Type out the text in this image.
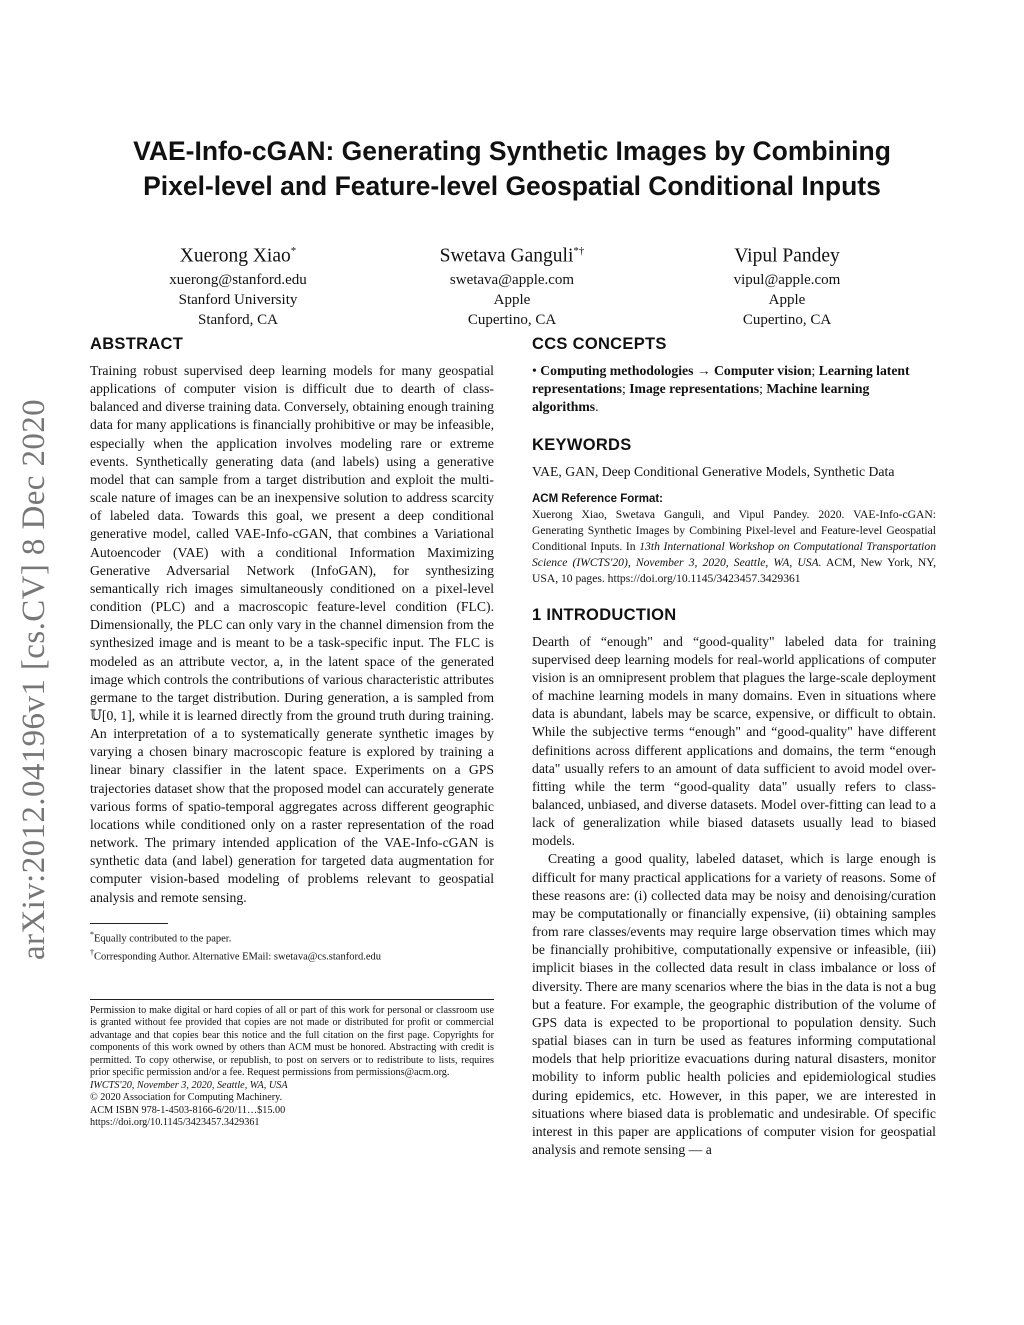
arXiv:2012.04196v1 [cs.CV] 8 Dec 2020
VAE-Info-cGAN: Generating Synthetic Images by Combining
Pixel-level and Feature-level Geospatial Conditional Inputs
Xuerong Xiao*
xuerong@stanford.edu
Stanford University
Stanford, CA
Swetava Ganguli*†
swetava@apple.com
Apple
Cupertino, CA
Vipul Pandey
vipul@apple.com
Apple
Cupertino, CA
ABSTRACT

Training robust supervised deep learning models for many geospatial applications of computer vision is difficult due to dearth of class-balanced and diverse training data. Conversely, obtaining enough training data for many applications is financially prohibitive or may be infeasible, especially when the application involves modeling rare or extreme events. Synthetically generating data (and labels) using a generative model that can sample from a target distribution and exploit the multi-scale nature of images can be an inexpensive solution to address scarcity of labeled data. Towards this goal, we present a deep conditional generative model, called VAE-Info-cGAN, that combines a Variational Autoencoder (VAE) with a conditional Information Maximizing Generative Adversarial Network (InfoGAN), for synthesizing semantically rich images simultaneously conditioned on a pixel-level condition (PLC) and a macroscopic feature-level condition (FLC). Dimensionally, the PLC can only vary in the channel dimension from the synthesized image and is meant to be a task-specific input. The FLC is modeled as an attribute vector, a, in the latent space of the generated image which controls the contributions of various characteristic attributes germane to the target distribution. During generation, a is sampled from 𝕌[0, 1], while it is learned directly from the ground truth during training. An interpretation of a to systematically generate synthetic images by varying a chosen binary macroscopic feature is explored by training a linear binary classifier in the latent space. Experiments on a GPS trajectories dataset show that the proposed model can accurately generate various forms of spatio-temporal aggregates across different geographic locations while conditioned only on a raster representation of the road network. The primary intended application of the VAE-Info-cGAN is synthetic data (and label) generation for targeted data augmentation for computer vision-based modeling of problems relevant to geospatial analysis and remote sensing.

*Equally contributed to the paper.

†Corresponding Author. Alternative EMail: swetava@cs.stanford.edu

Permission to make digital or hard copies of all or part of this work for personal or classroom use is granted without fee provided that copies are not made or distributed for profit or commercial advantage and that copies bear this notice and the full citation on the first page. Copyrights for components of this work owned by others than ACM must be honored. Abstracting with credit is permitted. To copy otherwise, or republish, to post on servers or to redistribute to lists, requires prior specific permission and/or a fee. Request permissions from permissions@acm.org.

IWCTS'20, November 3, 2020, Seattle, WA, USA

© 2020 Association for Computing Machinery.

ACM ISBN 978-1-4503-8166-6/20/11…$15.00

https://doi.org/10.1145/3423457.3429361

CCS CONCEPTS

• Computing methodologies → Computer vision; Learning latent representations; Image representations; Machine learning algorithms.

KEYWORDS

VAE, GAN, Deep Conditional Generative Models, Synthetic Data

ACM Reference Format:

Xuerong Xiao, Swetava Ganguli, and Vipul Pandey. 2020. VAE-Info-cGAN: Generating Synthetic Images by Combining Pixel-level and Feature-level Geospatial Conditional Inputs. In 13th International Workshop on Computational Transportation Science (IWCTS'20), November 3, 2020, Seattle, WA, USA. ACM, New York, NY, USA, 10 pages. https://doi.org/10.1145/3423457.3429361

1 INTRODUCTION

Dearth of “enough" and “good-quality" labeled data for training supervised deep learning models for real-world applications of computer vision is an omnipresent problem that plagues the large-scale deployment of machine learning models in many domains. Even in situations where data is abundant, labels may be scarce, expensive, or difficult to obtain. While the subjective terms “enough" and “good-quality" have different definitions across different applications and domains, the term “enough data" usually refers to an amount of data sufficient to avoid model over-fitting while the term “good-quality data" usually refers to class-balanced, unbiased, and diverse datasets. Model over-fitting can lead to a lack of generalization while biased datasets usually lead to biased models.

Creating a good quality, labeled dataset, which is large enough is difficult for many practical applications for a variety of reasons. Some of these reasons are: (i) collected data may be noisy and denoising/curation may be computationally or financially expensive, (ii) obtaining samples from rare classes/events may require large observation times which may be financially prohibitive, computationally expensive or infeasible, (iii) implicit biases in the collected data result in class imbalance or loss of diversity. There are many scenarios where the bias in the data is not a bug but a feature. For example, the geographic distribution of the volume of GPS data is expected to be proportional to population density. Such spatial biases can in turn be used as features informing computational models that help prioritize evacuations during natural disasters, monitor mobility to inform public health policies and epidemiological studies during epidemics, etc. However, in this paper, we are interested in situations where biased data is problematic and undesirable. Of specific interest in this paper are applications of computer vision for geospatial analysis and remote sensing — a
